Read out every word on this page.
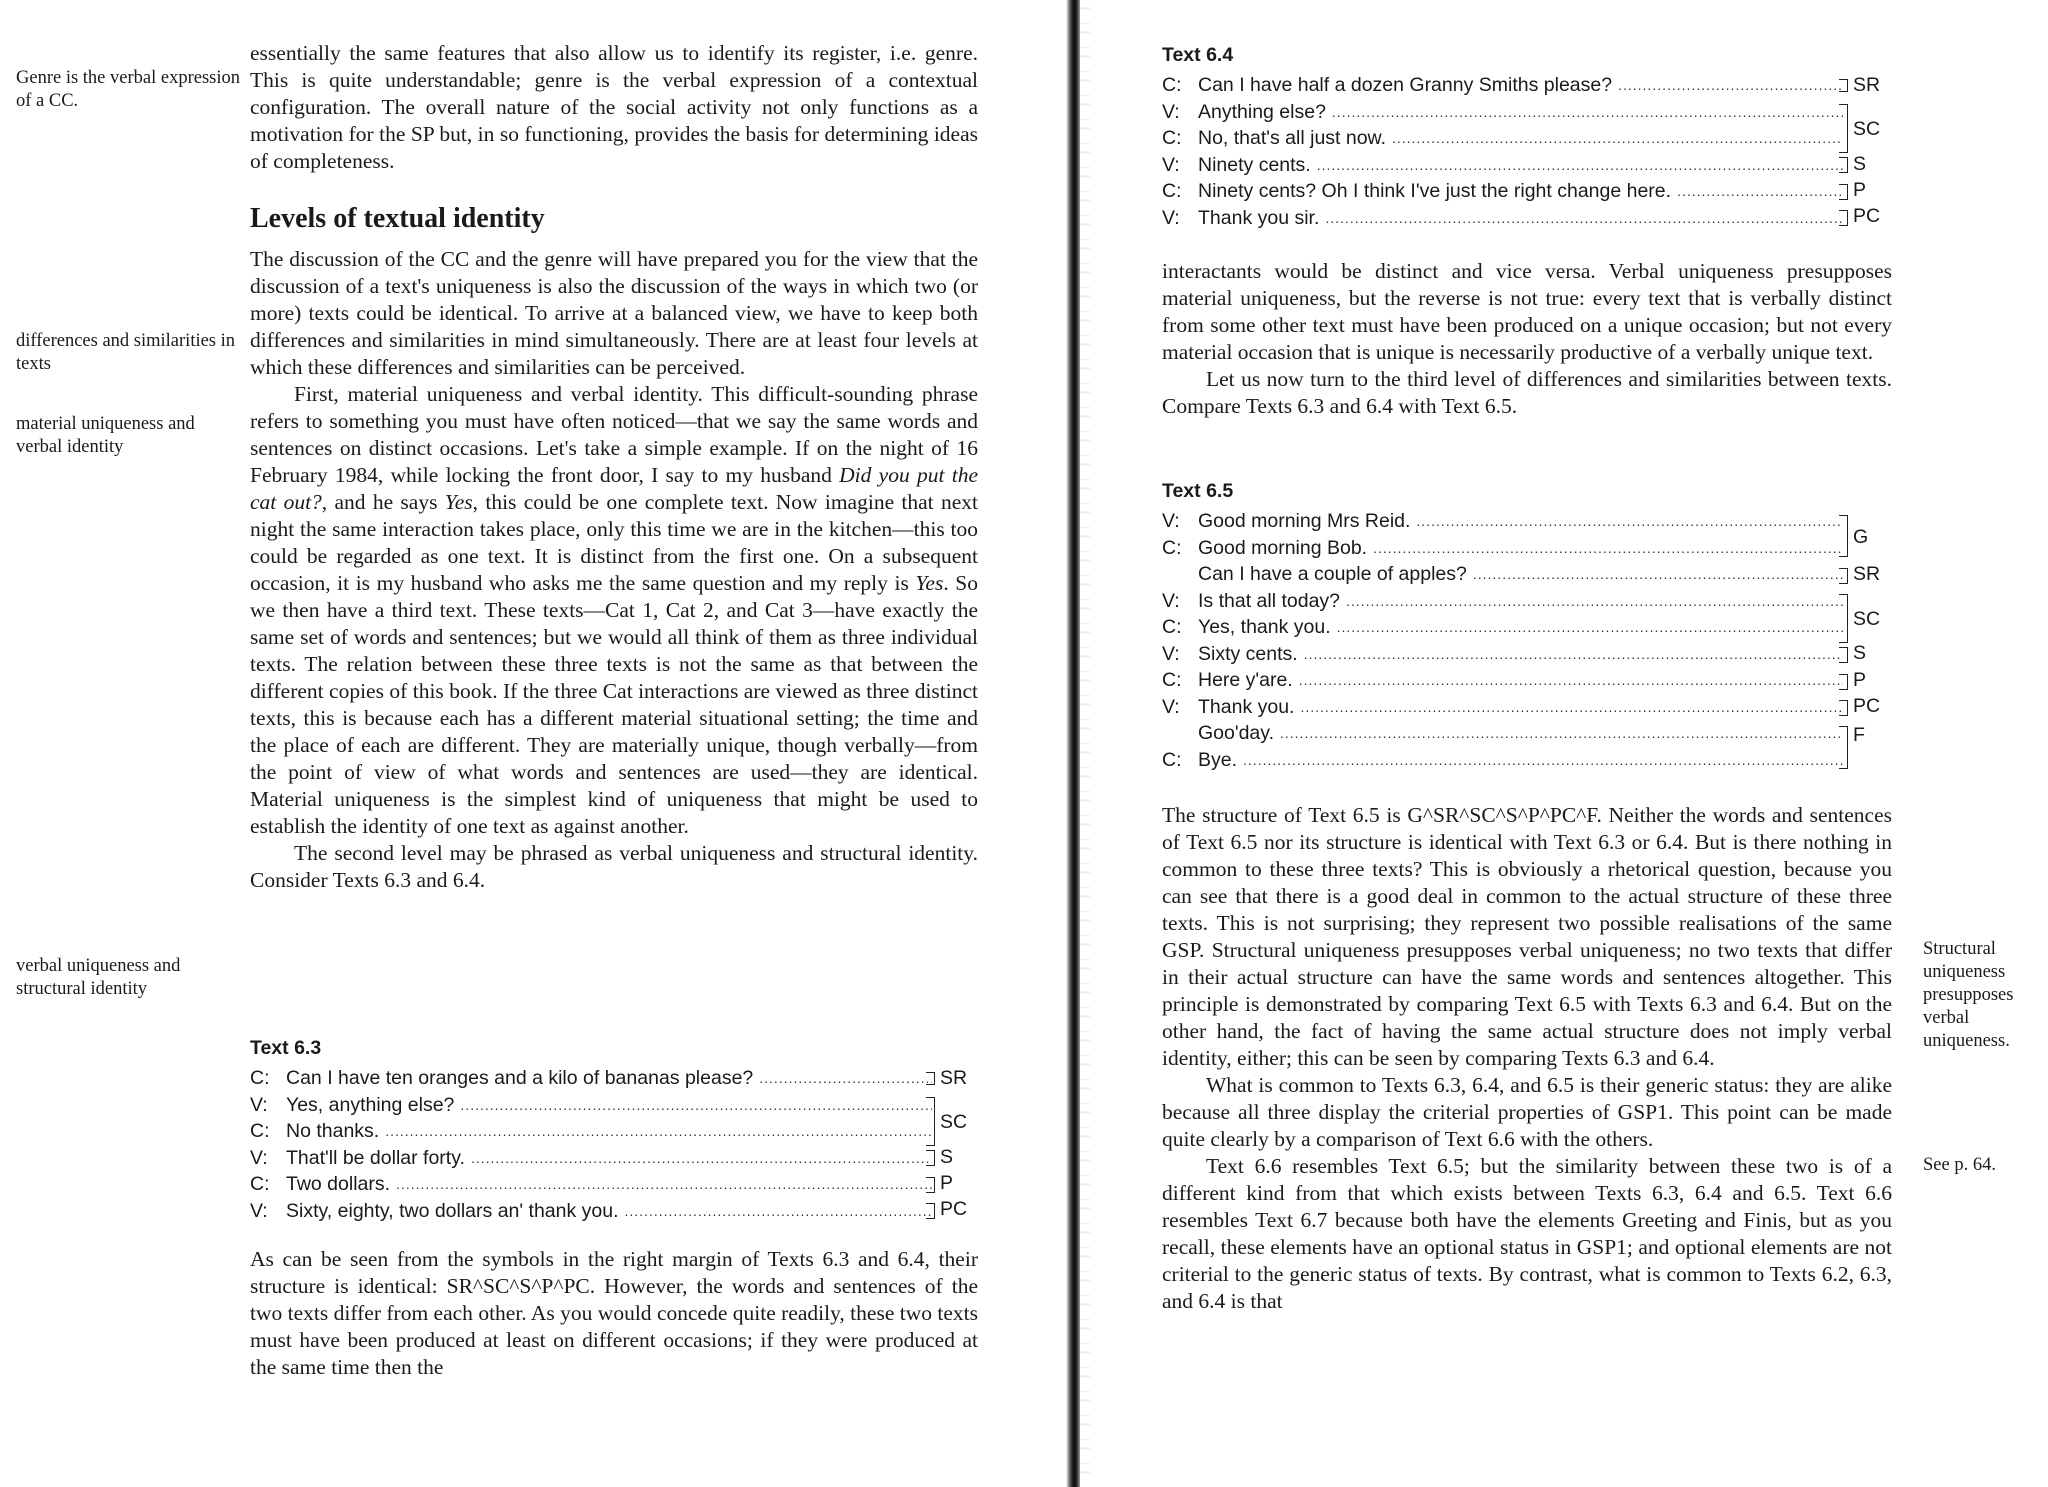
Genre is the verbal expression of a CC.
differences and similarities in texts
material uniqueness and verbal identity
verbal uniqueness and structural identity

essentially the same features that also allow us to identify its register, i.e. genre. This is quite understandable; genre is the verbal expression of a contextual configuration. The overall nature of the social activity not only functions as a motivation for the SP but, in so functioning, provides the basis for determining ideas of completeness.

Levels of textual identity

The discussion of the CC and the genre will have prepared you for the view that the discussion of a text's uniqueness is also the discussion of the ways in which two (or more) texts could be identical. To arrive at a balanced view, we have to keep both differences and similarities in mind simultaneously. There are at least four levels at which these differences and similarities can be perceived.

First, material uniqueness and verbal identity. This difficult-sounding phrase refers to something you must have often noticed—that we say the same words and sentences on distinct occasions. Let's take a simple example. If on the night of 16 February 1984, while locking the front door, I say to my husband Did you put the cat out?, and he says Yes, this could be one complete text. Now imagine that next night the same interaction takes place, only this time we are in the kitchen—this too could be regarded as one text. It is distinct from the first one. On a subsequent occasion, it is my husband who asks me the same question and my reply is Yes. So we then have a third text. These texts—Cat 1, Cat 2, and Cat 3—have exactly the same set of words and sentences; but we would all think of them as three individual texts. The relation between these three texts is not the same as that between the different copies of this book. If the three Cat interactions are viewed as three distinct texts, this is because each has a different material situational setting; the time and the place of each are different. They are materially unique, though verbally—from the point of view of what words and sentences are used—they are identical. Material uniqueness is the simplest kind of uniqueness that might be used to establish the identity of one text as against another.

The second level may be phrased as verbal uniqueness and structural identity. Consider Texts 6.3 and 6.4.

Text 6.3
C: Can I have ten oranges and a kilo of bananas please?
.....
V: Yes, anything else?
.....
C: No thanks.
.....
V: That'll be dollar forty.
.....
C: Two dollars.
.....
V: Sixty, eighty, two dollars an' thank you.
.....
SR
SC
S
P
PC

As can be seen from the symbols in the right margin of Texts 6.3 and 6.4, their structure is identical: SR^SC^S^P^PC. However, the words and sentences of the two texts differ from each other. As you would concede quite readily, these two texts must have been produced at least on different occasions; if they were produced at the same time then the

Structural uniqueness presupposes verbal uniqueness.
See p. 64.
Text 6.4
C: Can I have half a dozen Granny Smiths please?
.....
V: Anything else?
.....
C: No, that's all just now.
.....
V: Ninety cents.
.....
C: Ninety cents? Oh I think I've just the right change here.
.....
V: Thank you sir.
.....
SR
SC
S
P
PC

interactants would be distinct and vice versa. Verbal uniqueness presupposes material uniqueness, but the reverse is not true: every text that is verbally distinct from some other text must have been produced on a unique occasion; but not every material occasion that is unique is necessarily productive of a verbally unique text.

Let us now turn to the third level of differences and similarities between texts. Compare Texts 6.3 and 6.4 with Text 6.5.

Text 6.5
V: Good morning Mrs Reid.
.....
C: Good morning Bob.
.....
Can I have a couple of apples?
.....
V: Is that all today?
.....
C: Yes, thank you.
.....
V: Sixty cents.
.....
C: Here y'are.
.....
V: Thank you.
.....
Goo'day.
.....
C: Bye.
.....
G
SR
SC
S
P
PC
F

The structure of Text 6.5 is G^SR^SC^S^P^PC^F. Neither the words and sentences of Text 6.5 nor its structure is identical with Text 6.3 or 6.4. But is there nothing in common to these three texts? This is obviously a rhetorical question, because you can see that there is a good deal in common to the actual structure of these three texts. This is not surprising; they represent two possible realisations of the same GSP. Structural uniqueness presupposes verbal uniqueness; no two texts that differ in their actual structure can have the same words and sentences altogether. This principle is demonstrated by comparing Text 6.5 with Texts 6.3 and 6.4. But on the other hand, the fact of having the same actual structure does not imply verbal identity, either; this can be seen by comparing Texts 6.3 and 6.4.

What is common to Texts 6.3, 6.4, and 6.5 is their generic status: they are alike because all three display the criterial properties of GSP1. This point can be made quite clearly by a comparison of Text 6.6 with the others.

Text 6.6 resembles Text 6.5; but the similarity between these two is of a different kind from that which exists between Texts 6.3, 6.4 and 6.5. Text 6.6 resembles Text 6.7 because both have the elements Greeting and Finis, but as you recall, these elements have an optional status in GSP1; and optional elements are not criterial to the generic status of texts. By contrast, what is common to Texts 6.2, 6.3, and 6.4 is that
